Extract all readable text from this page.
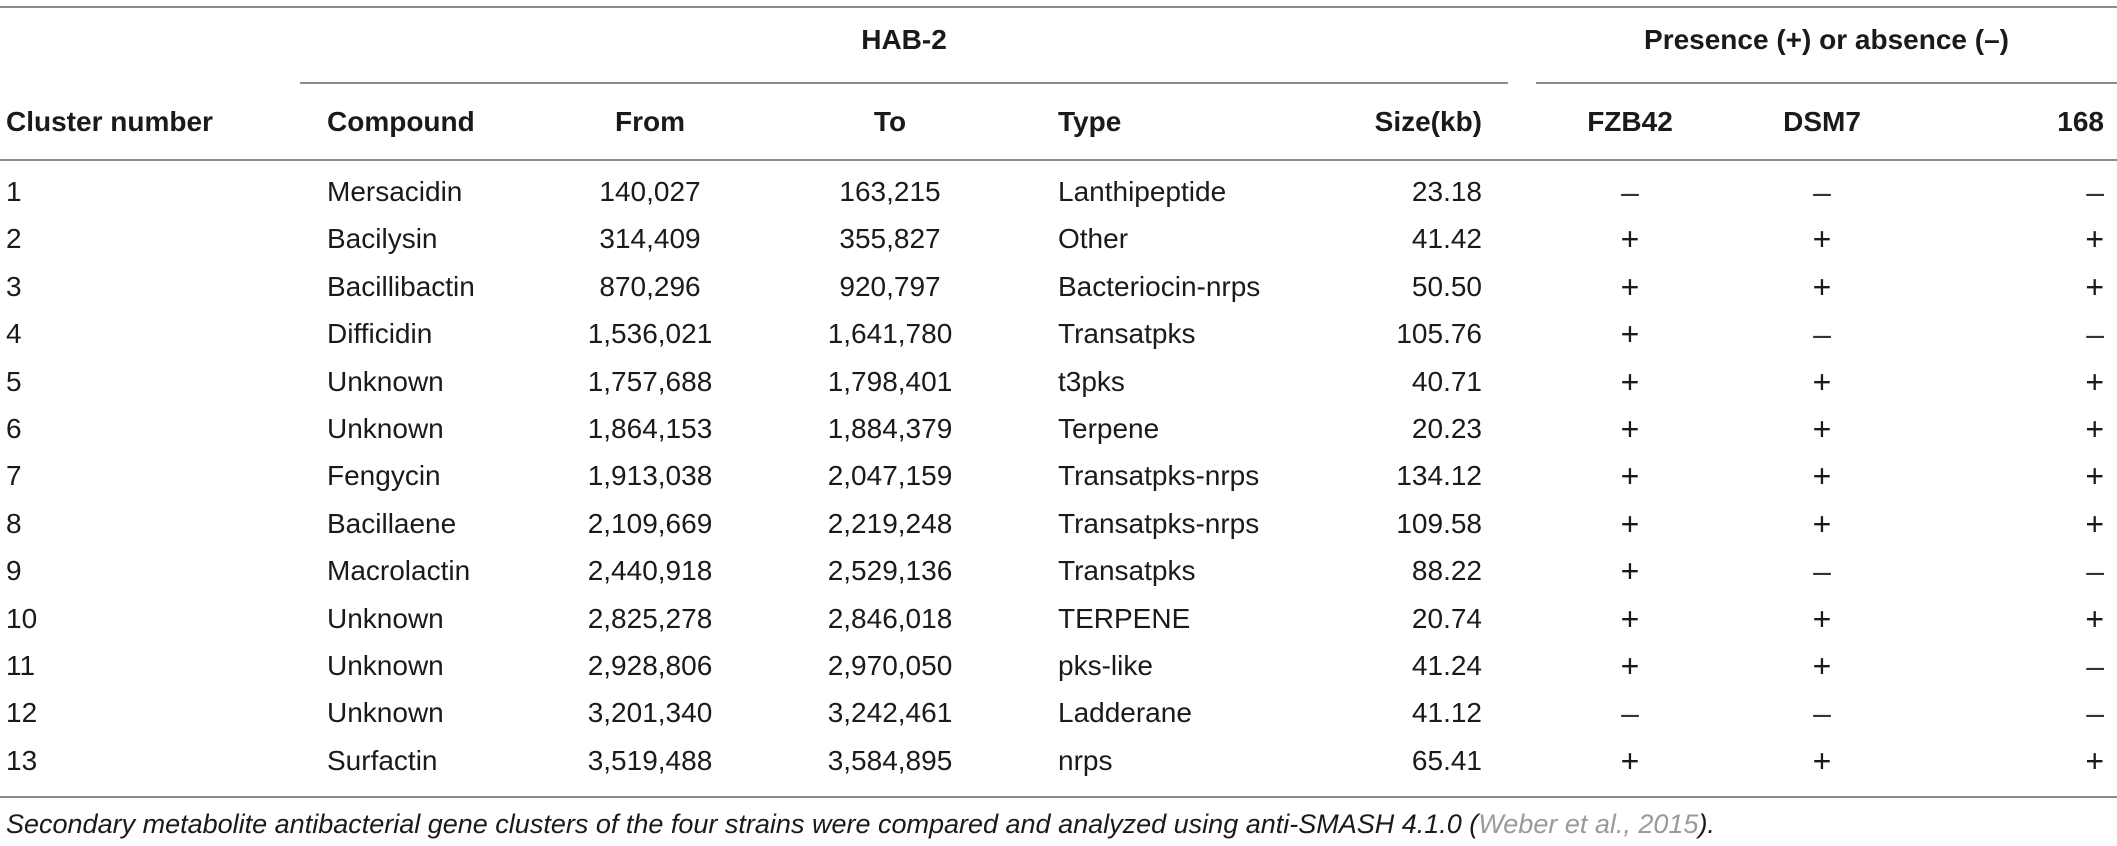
HAB-2	Presence (+) or absence (–)
Cluster number	Compound	From	To	Type	Size(kb)	FZB42	DSM7	168
1	Mersacidin	140,027	163,215	Lanthipeptide	23.18	–	–	–
2	Bacilysin	314,409	355,827	Other	41.42	+	+	+
3	Bacillibactin	870,296	920,797	Bacteriocin-nrps	50.50	+	+	+
4	Difficidin	1,536,021	1,641,780	Transatpks	105.76	+	–	–
5	Unknown	1,757,688	1,798,401	t3pks	40.71	+	+	+
6	Unknown	1,864,153	1,884,379	Terpene	20.23	+	+	+
7	Fengycin	1,913,038	2,047,159	Transatpks-nrps	134.12	+	+	+
8	Bacillaene	2,109,669	2,219,248	Transatpks-nrps	109.58	+	+	+
9	Macrolactin	2,440,918	2,529,136	Transatpks	88.22	+	–	–
10	Unknown	2,825,278	2,846,018	TERPENE	20.74	+	+	+
11	Unknown	2,928,806	2,970,050	pks-like	41.24	+	+	–
12	Unknown	3,201,340	3,242,461	Ladderane	41.12	–	–	–
13	Surfactin	3,519,488	3,584,895	nrps	65.41	+	+	+
Secondary metabolite antibacterial gene clusters of the four strains were compared and analyzed using anti-SMASH 4.1.0 (Weber et al., 2015).
